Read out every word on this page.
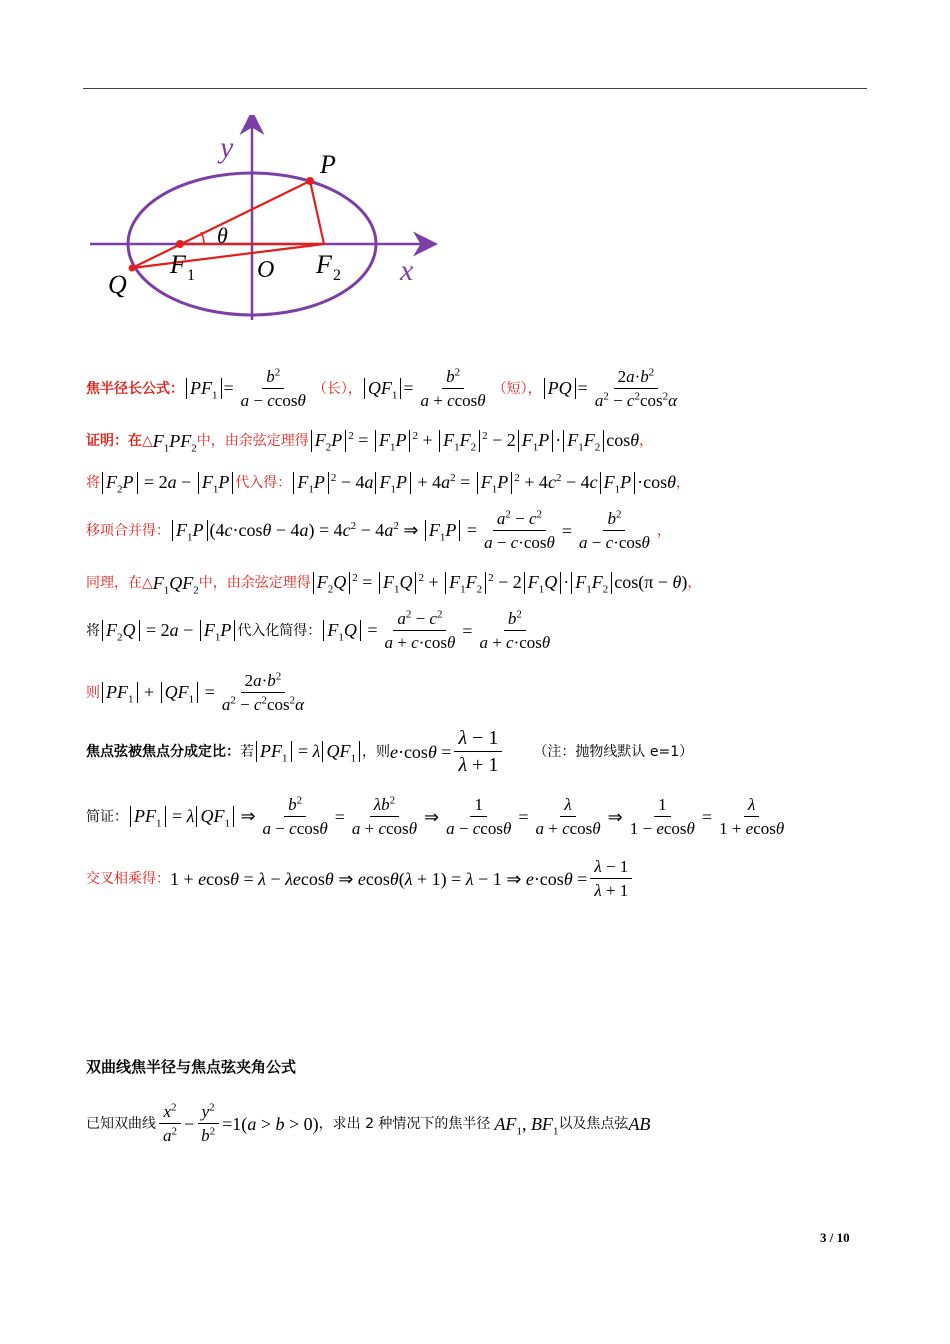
y
x
P
Q	O
F 1	F 2
θ
焦半径长公式： $PF_1 = \frac{b^2}{a - ccos\theta}$ （长）， $QF_1 = \frac{b^2}{a + ccos\theta}$ （短）， PQ = $\frac{2a\cdot b^2}{a^2 - c^2\cos^2\alpha}$
证明：在△ $F_1PF_2$ 中，由余弦定理得 $F_2P$ $^2 = F_1P$ $^2 + F_1F_2^2 - 2$ $F_1P \cdot F_1F_2$ cosθ ，
将 $F_2P = 2a - F_1P$ 代入得： $F_1P$ $^2$ − 4a $F_1P + 4a^2 = F_1P$ $^2 + 4c^2 - 4c$ $F_1P \cdot\cos\theta$ ，
移项合并得： $F_1P$ $(4c\cdot\cos\theta - 4a) = 4c^2 - 4a^2$ ⇒ $F_1P = \frac{a^2 - c^2}{a - c\cdot\cos\theta} = \frac{b^2}{a - c\cdot\cos\theta}$ ，
同理，在△ $F_1QF_2$ 中，由余弦定理得 $F_2Q$ $^2 = F_1Q$ $^2 + F_1F_2^2 - 2$ $F_1Q \cdot F_1F_2$ cos(π − θ) ，
将 $F_2Q = 2a - F_1P$ 代入化简得： $F_1Q = \frac{a^2 - c^2}{a + c\cdot\cos\theta} = \frac{b^2}{a + c\cdot\cos\theta}$
则 $PF_1 + QF_1 = \frac{2a\cdot b^2}{a^2 - c^2\cos^2\alpha}$
焦点弦被焦点分成定比： 若 $PF_1 = \lambda$ $QF_1$ ，则 $e\cdot\cos\theta = \frac{\lambda - 1}{\lambda + 1}$ （注：抛物线默认 e=1）
简证： $PF_1 = \lambda$ $QF_1$ ⇒ $\frac{b^2}{a - ccos\theta} = \frac{\lambda b^2}{a + ccos\theta}$ ⇒ $\frac{1}{a - ccos\theta} = \frac{\lambda}{a + ccos\theta}$ ⇒ $\frac{1}{1 - ecos\theta} = \frac{\lambda}{1 + ecos\theta}$
交叉相乘得： 1 + ecosθ = λ − λecosθ ⇒ ecosθ(λ + 1) = λ − 1 ⇒ $e\cdot\cos\theta = \frac{\lambda - 1}{\lambda + 1}$
双曲线焦半径与焦点弦夹角公式
已知双曲线 $\frac{x^2}{a^2} - \frac{y^2}{b^2} =1(a > b > 0)$ ，求出 2 种情况下的焦半径 $AF_1$, $BF_1$ 以及焦点弦 AB
3 / 10
